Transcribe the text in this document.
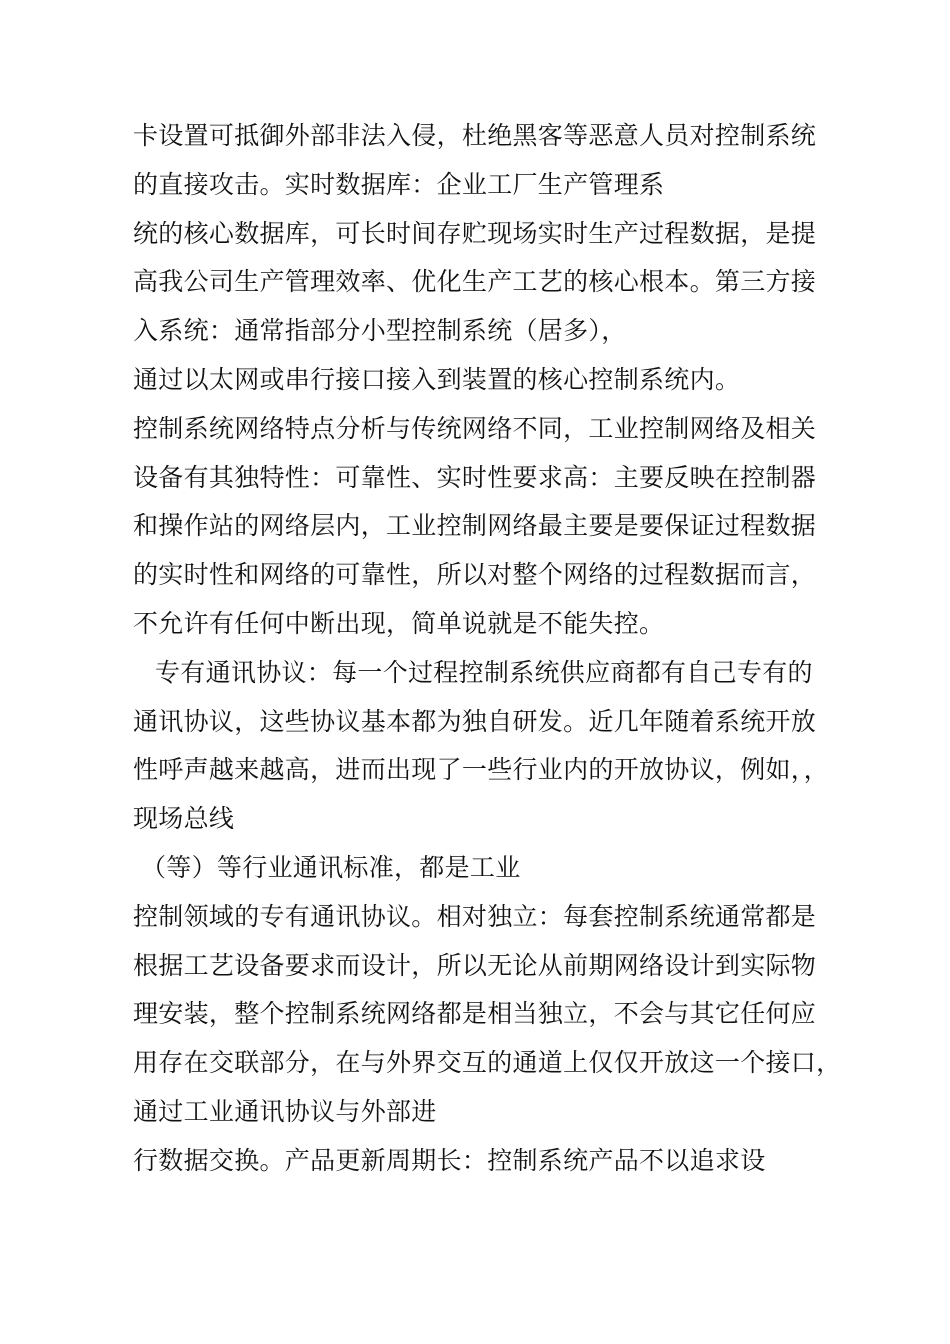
卡设置可抵御外部非法入侵，杜绝黑客等恶意人员对控制系统
的直接攻击。实时数据库：企业工厂生产管理系
统的核心数据库，可长时间存贮现场实时生产过程数据，是提
高我公司生产管理效率、优化生产工艺的核心根本。第三方接
入系统：通常指部分小型控制系统（居多），
通过以太网或串行接口接入到装置的核心控制系统内。
控制系统网络特点分析与传统网络不同，工业控制网络及相关
设备有其独特性：可靠性、实时性要求高：主要反映在控制器
和操作站的网络层内，工业控制网络最主要是要保证过程数据
的实时性和网络的可靠性，所以对整个网络的过程数据而言，
不允许有任何中断出现，简单说就是不能失控。
专有通讯协议：每一个过程控制系统供应商都有自己专有的
通讯协议，这些协议基本都为独自研发。近几年随着系统开放
性呼声越来越高，进而出现了一些行业内的开放协议，例如，，
现场总线
（等）等行业通讯标准，都是工业
控制领域的专有通讯协议。相对独立：每套控制系统通常都是
根据工艺设备要求而设计，所以无论从前期网络设计到实际物
理安装，整个控制系统网络都是相当独立，不会与其它任何应
用存在交联部分，在与外界交互的通道上仅仅开放这一个接口，
通过工业通讯协议与外部进
行数据交换。产品更新周期长：控制系统产品不以追求设
